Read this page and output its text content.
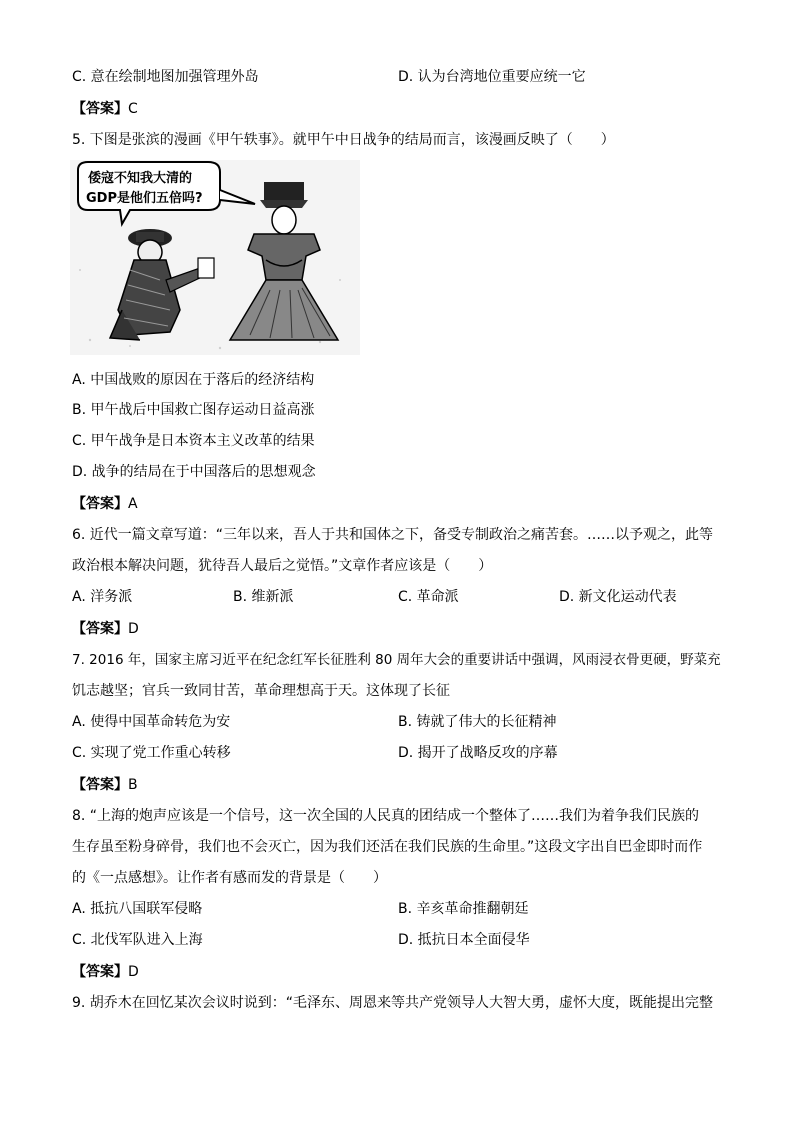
C. 意在绘制地图加强管理外岛	D. 认为台湾地位重要应统一它
【答案】C
5. 下图是张滨的漫画《甲午轶事》。就甲午中日战争的结局而言，该漫画反映了（　　）
倭寇不知我大清的
GDP是他们五倍吗?
A. 中国战败的原因在于落后的经济结构
B. 甲午战后中国救亡图存运动日益高涨
C. 甲午战争是日本资本主义改革的结果
D. 战争的结局在于中国落后的思想观念
【答案】A
6. 近代一篇文章写道：“三年以来，吾人于共和国体之下，备受专制政治之痛苦套。……以予观之，此等
政治根本解决问题，犹待吾人最后之觉悟。”文章作者应该是（　　）
A. 洋务派	B. 维新派	C. 革命派	D. 新文化运动代表
【答案】D
7. 2016 年，国家主席习近平在纪念红军长征胜利 80 周年大会的重要讲话中强调，风雨浸衣骨更硬，野菜充
饥志越坚；官兵一致同甘苦，革命理想高于天。这体现了长征
A. 使得中国革命转危为安	B. 铸就了伟大的长征精神
C. 实现了党工作重心转移	D. 揭开了战略反攻的序幕
【答案】B
8. “上海的炮声应该是一个信号，这一次全国的人民真的团结成一个整体了……我们为着争我们民族的
生存虽至粉身碎骨，我们也不会灭亡，因为我们还活在我们民族的生命里。”这段文字出自巴金即时而作
的《一点感想》。让作者有感而发的背景是（　　）
A. 抵抗八国联军侵略	B. 辛亥革命推翻朝廷
C. 北伐军队进入上海	D. 抵抗日本全面侵华
【答案】D
9. 胡乔木在回忆某次会议时说到：“毛泽东、周恩来等共产党领导人大智大勇，虚怀大度，既能提出完整
